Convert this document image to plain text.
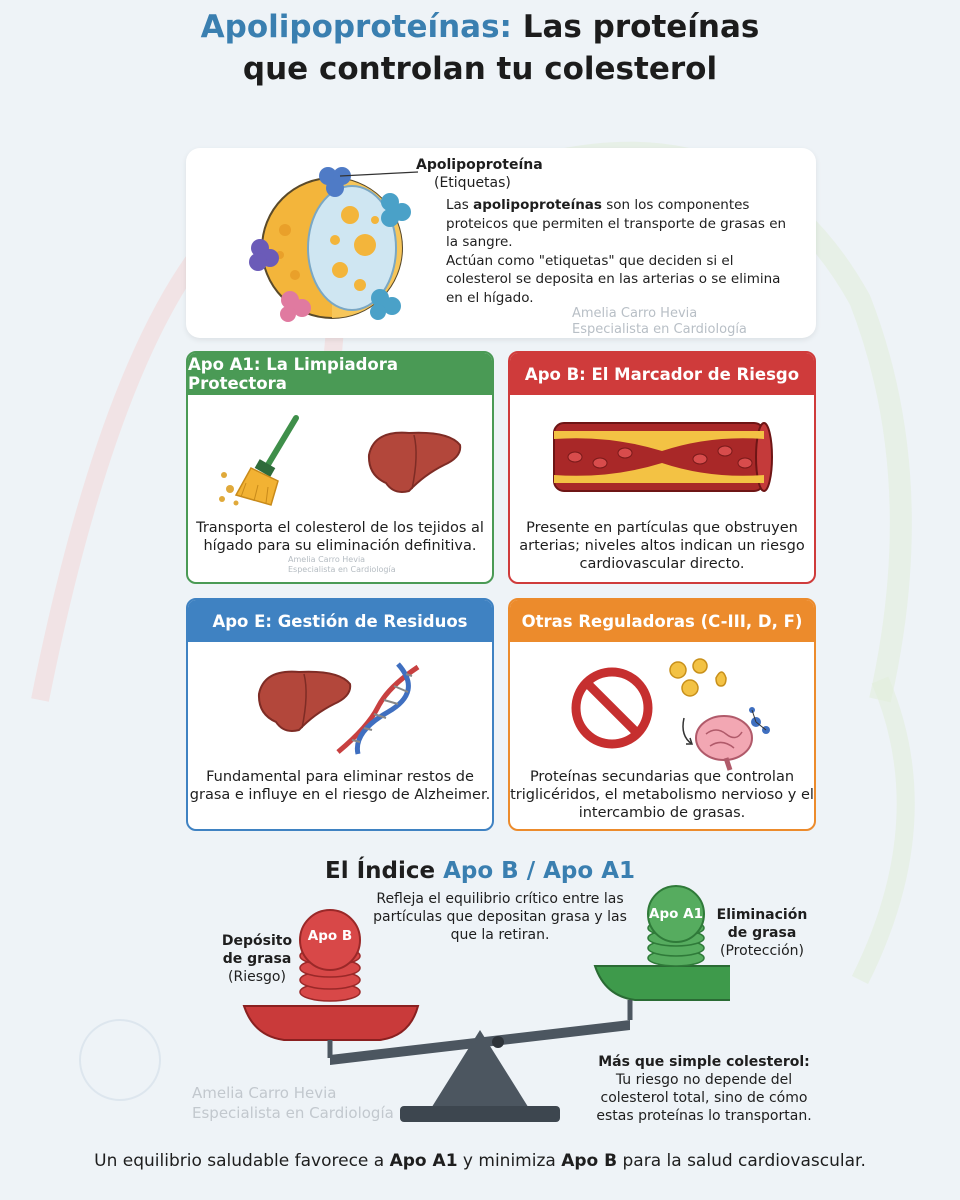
Apolipoproteínas: Las proteínas
que controlan tu colesterol
Apolipoproteína
(Etiquetas)

Las apolipoproteínas son los componentes proteicos que permiten el transporte de grasas en la sangre.

Actúan como "etiquetas" que deciden si el colesterol se deposita en las arterias o se elimina en el hígado.

Amelia Carro Hevia
Especialista en Cardiología
Apo A1: La Limpiadora Protectora
Transporta el colesterol de los tejidos al hígado para su eliminación definitiva.
Amelia Carro Hevia
Especialista en Cardiología
Apo B: El Marcador de Riesgo
Presente en partículas que obstruyen arterias; niveles altos indican un riesgo cardiovascular directo.
Apo E: Gestión de Residuos
Fundamental para eliminar restos de grasa e influye en el riesgo de Alzheimer.
Otras Reguladoras (C-III, D, F)
Proteínas secundarias que controlan triglicéridos, el metabolismo nervioso y el intercambio de grasas.
El Índice Apo B / Apo A1
Refleja el equilibrio crítico entre las partículas que depositan grasa y las que la retiran.
Apo B
Apo A1
Depósito de grasa
(Riesgo)
Eliminación de grasa
(Protección)
Más que simple colesterol:
Tu riesgo no depende del colesterol total, sino de cómo estas proteínas lo transportan.
Amelia Carro Hevia
Especialista en Cardiología
Un equilibrio saludable favorece a Apo A1 y minimiza Apo B para la salud cardiovascular.
